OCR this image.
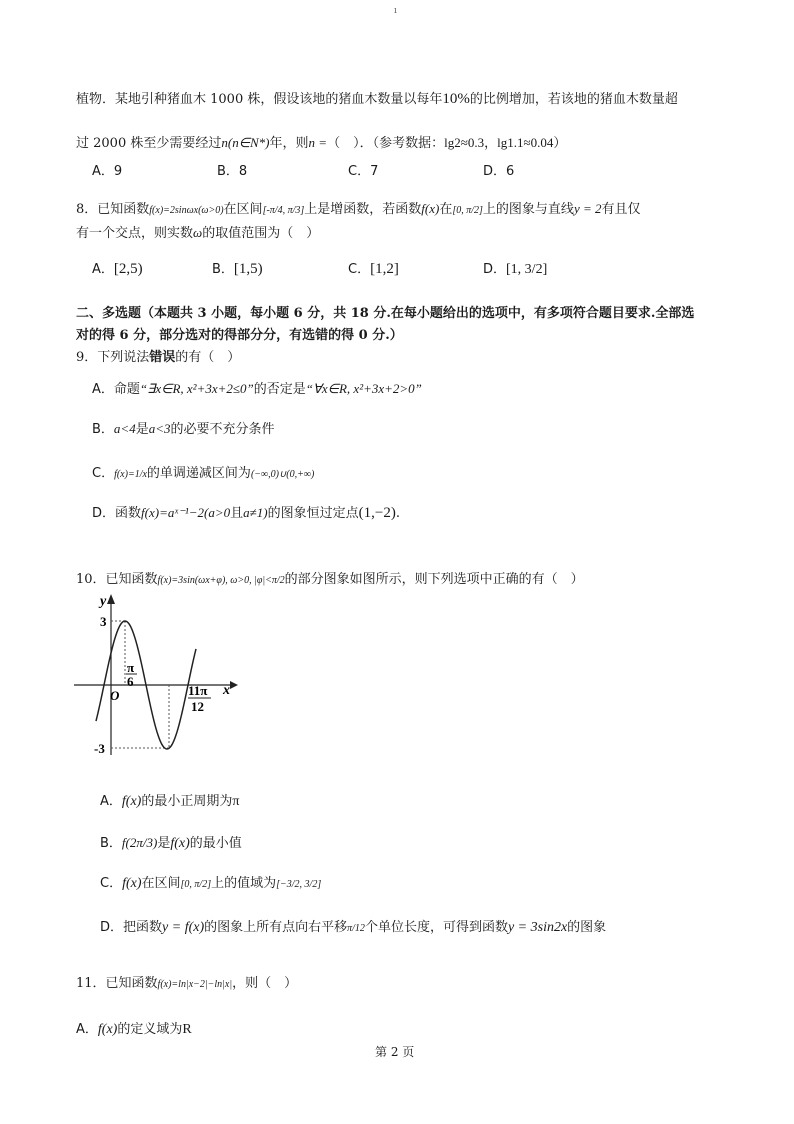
ı
植物．某地引种猪血木 1000 株，假设该地的猪血木数量以每年10%的比例增加，若该地的猪血木数量超
过 2000 株至少需要经过n(n∈N*)年，则n =（　）．（参考数据：lg2≈0.3，lg1.1≈0.04）
A．9	B．8	C．7	D．6
8．已知函数f(x)=2sinωx(ω>0)在区间[-π/4, π/3]上是增函数，若函数f(x)在[0, π/2]上的图象与直线y = 2有且仅
有一个交点，则实数ω的取值范围为（　）
A．[2,5)	B．[1,5)	C．[1,2]	D．[1, 3/2]
二、多选题（本题共 3 小题，每小题 6 分，共 18 分.在每小题给出的选项中，有多项符合题目要求.全部选
对的得 6 分，部分选对的得部分分，有选错的得 0 分.）
9．下列说法错误的有（　）
A．命题“∃x∈R, x²+3x+2≤0”的否定是“∀x∈R, x²+3x+2>0”
B．a<4是a<3的必要不充分条件
C．f(x)=1/x的单调递减区间为(−∞,0)∪(0,+∞)
D．函数f(x)=aˣ⁻¹−2(a>0且a≠1)的图象恒过定点(1,−2).
10．已知函数f(x)=3sin(ωx+φ), ω>0, |φ|<π/2的部分图象如图所示，则下列选项中正确的有（　）
y
x
O
3
-3
π
6
11π
12
A．f(x)的最小正周期为π
B．f(2π/3)是f(x)的最小值
C．f(x)在区间[0, π/2]上的值域为[−3/2, 3/2]
D．把函数y = f(x)的图象上所有点向右平移π/12个单位长度，可得到函数y = 3sin2x的图象
11．已知函数f(x)=ln|x−2|−ln|x|，则（　）
A．f(x)的定义域为R
第 2 页
